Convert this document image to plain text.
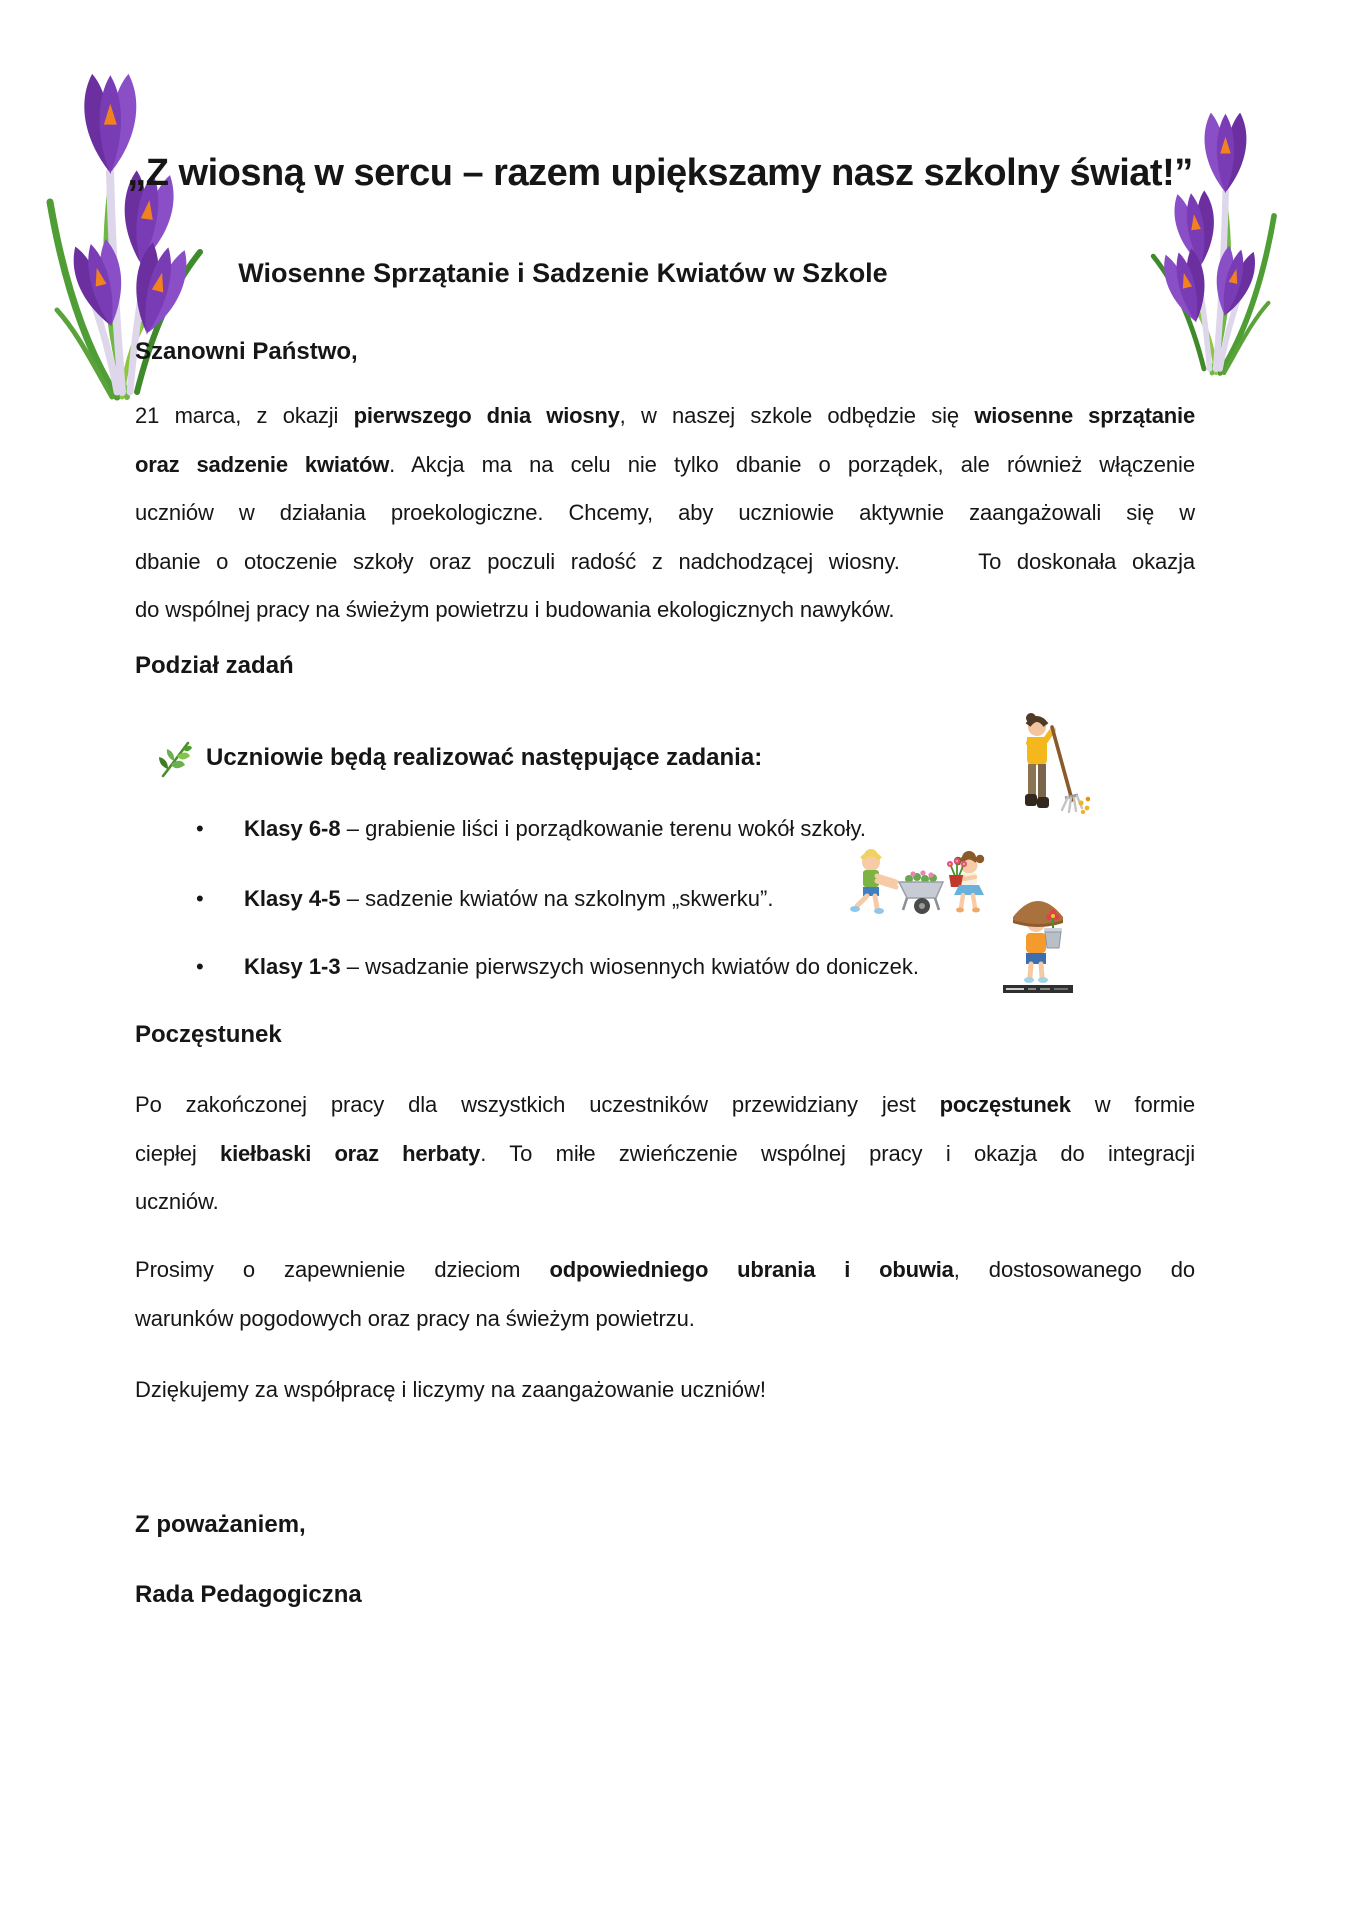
„Z wiosną w sercu – razem upiększamy nasz szkolny świat!”
Wiosenne Sprzątanie i Sadzenie Kwiatów w Szkole
Szanowni Państwo,
21 marca, z okazji pierwszego dnia wiosny, w naszej szkole odbędzie się wiosenne sprzątanie
oraz sadzenie kwiatów. Akcja ma na celu nie tylko dbanie o porządek, ale również włączenie
uczniów w działania proekologiczne. Chcemy, aby uczniowie aktywnie zaangażowali się w
dbanie o otoczenie szkoły oraz poczuli radość z nadchodzącej wiosny.     To doskonała okazja
do wspólnej pracy na świeżym powietrzu i budowania ekologicznych nawyków.
Podział zadań
Uczniowie będą realizować następujące zadania:
•	Klasy 6-8 – grabienie liści i porządkowanie terenu wokół szkoły.
•	Klasy 4-5 – sadzenie kwiatów na szkolnym „skwerku”.
•	Klasy 1-3 – wsadzanie pierwszych wiosennych kwiatów do doniczek.
Poczęstunek
Po zakończonej pracy dla wszystkich uczestników przewidziany jest poczęstunek w formie
ciepłej kiełbaski oraz herbaty. To miłe zwieńczenie wspólnej pracy i okazja do integracji
uczniów.
Prosimy o zapewnienie dzieciom odpowiedniego ubrania i obuwia, dostosowanego do
warunków pogodowych oraz pracy na świeżym powietrzu.
Dziękujemy za współpracę i liczymy na zaangażowanie uczniów!
Z poważaniem,
Rada Pedagogiczna
